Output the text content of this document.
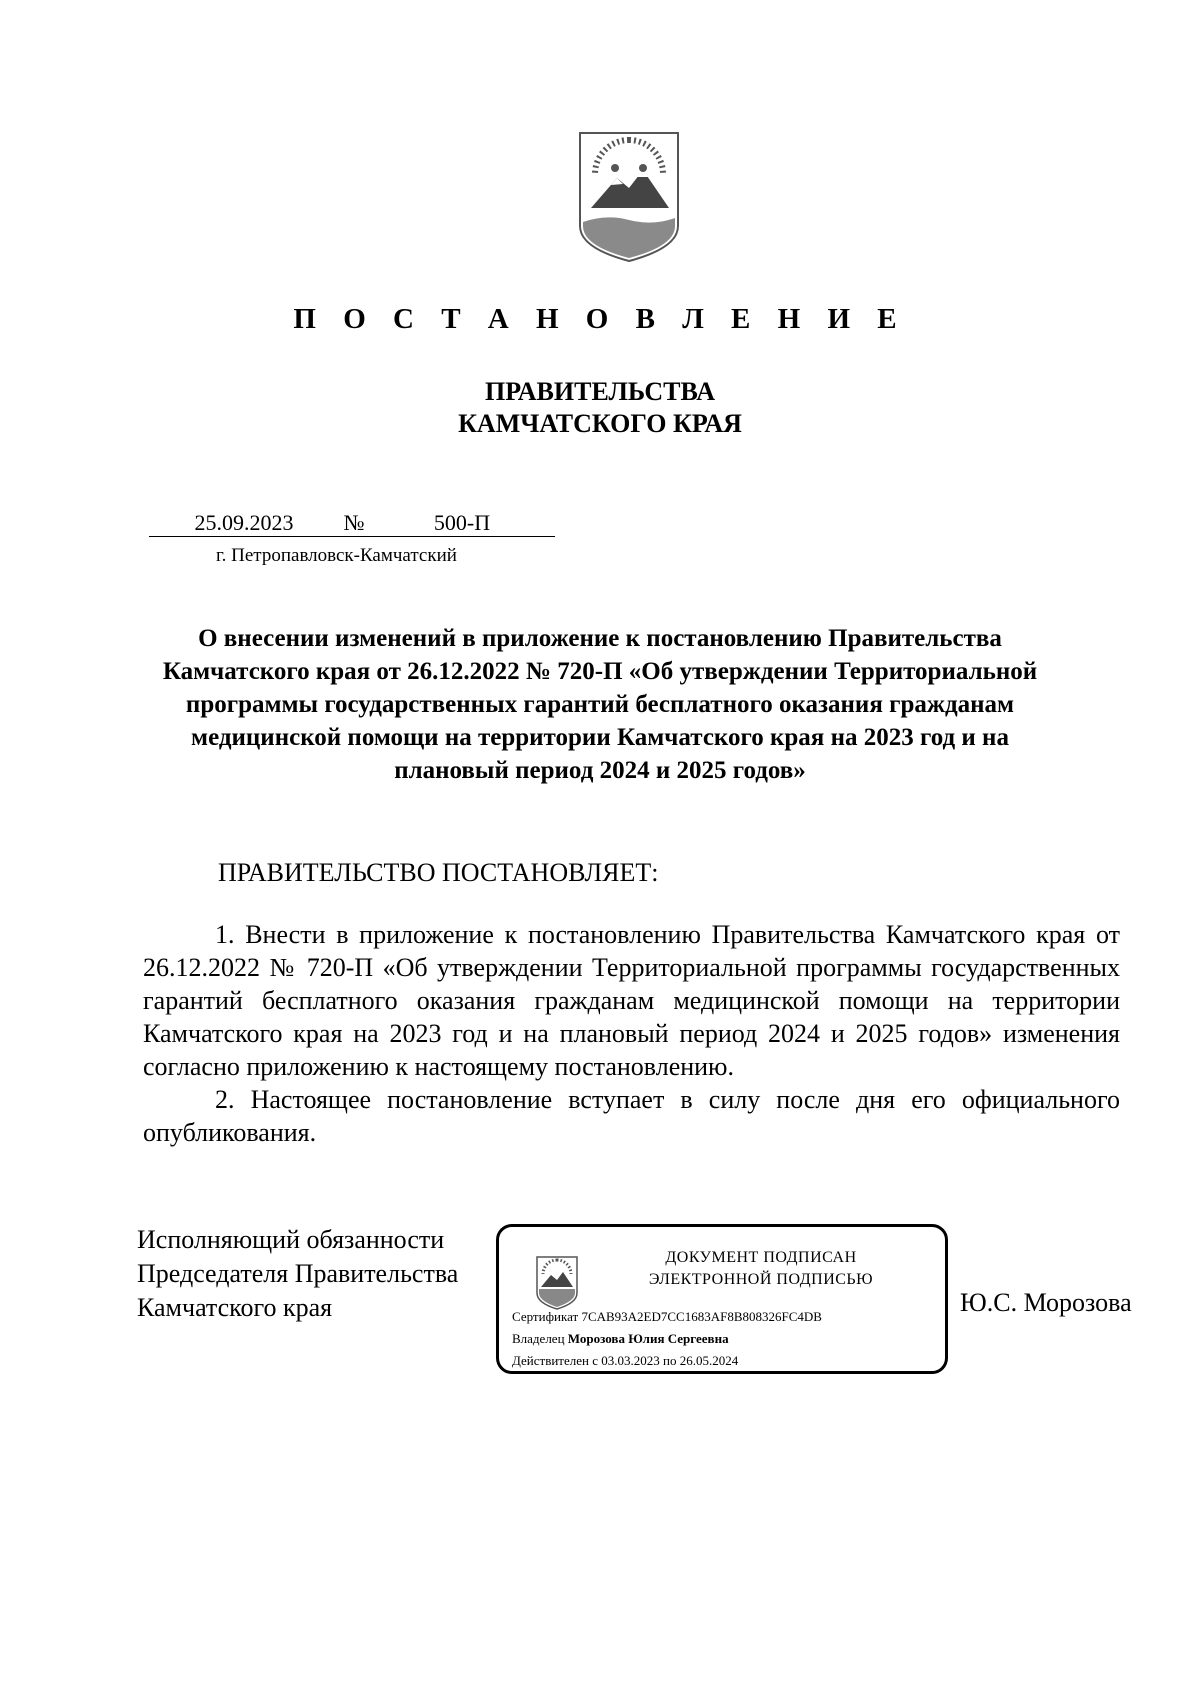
П О С Т А Н О В Л Е Н И Е
ПРАВИТЕЛЬСТВА
КАМЧАТСКОГО КРАЯ
25.09.2023	№	500-П
г. Петропавловск-Камчатский
О внесении изменений в приложение к постановлению Правительства Камчатского края от 26.12.2022 № 720-П «Об утверждении Территориальной программы государственных гарантий бесплатного оказания гражданам медицинской помощи на территории Камчатского края на 2023 год и на плановый период 2024 и 2025 годов»
ПРАВИТЕЛЬСТВО ПОСТАНОВЛЯЕТ:

1. Внести в приложение к постановлению Правительства Камчатского края от 26.12.2022 № 720-П «Об утверждении Территориальной программы государственных гарантий бесплатного оказания гражданам медицинской помощи на территории Камчатского края на 2023 год и на плановый период 2024 и 2025 годов» изменения согласно приложению к настоящему постановлению.

2. Настоящее постановление вступает в силу после дня его официального опубликования.

Исполняющий обязанности
Председателя Правительства
Камчатского края
ДОКУМЕНТ ПОДПИСАН
ЭЛЕКТРОННОЙ ПОДПИСЬЮ
Сертификат 7CAB93A2ED7CC1683AF8B808326FC4DB
Владелец Морозова Юлия Сергеевна
Действителен с 03.03.2023 по 26.05.2024
Ю.С. Морозова
